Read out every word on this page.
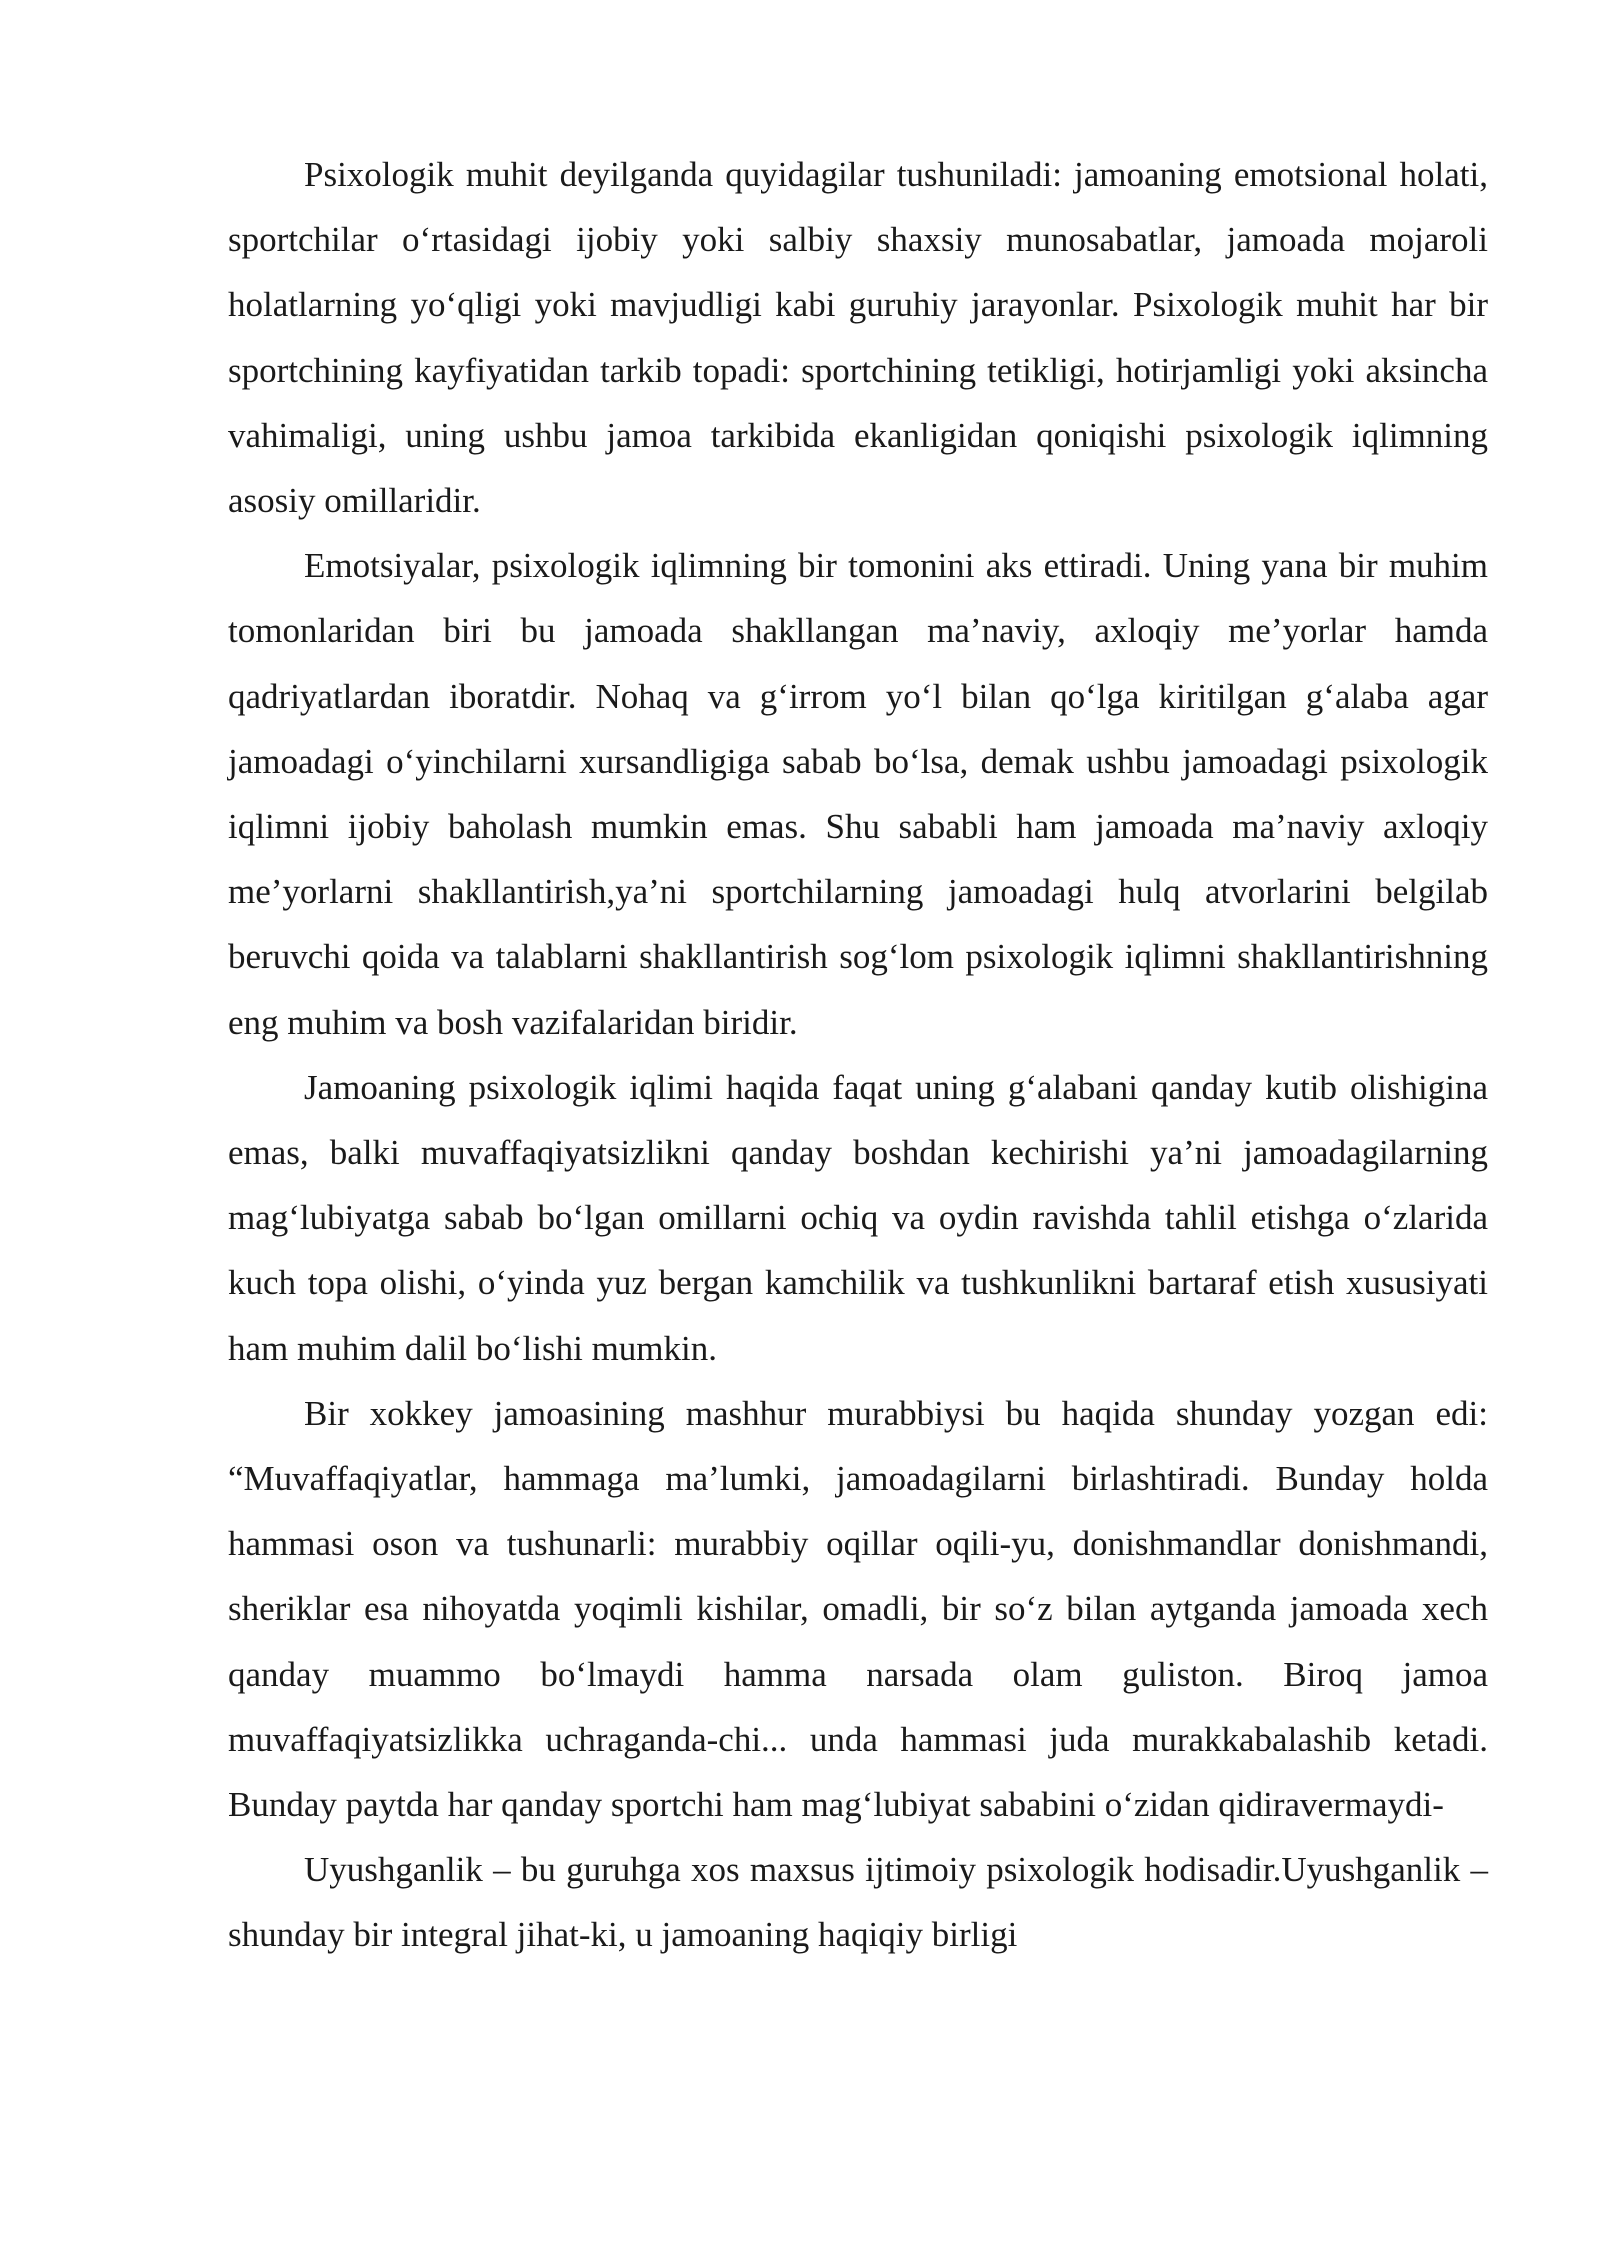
Psixologik muhit deyilganda quyidagilar tushuniladi: jamoaning emotsional holati, sportchilar o‘rtasidagi ijobiy yoki salbiy shaxsiy munosabatlar, jamoada mojaroli holatlarning yo‘qligi yoki mavjudligi kabi guruhiy jarayonlar. Psixologik muhit har bir sportchining kayfiyatidan tarkib topadi: sportchining tetikligi, hotirjamligi yoki aksincha vahimaligi, uning ushbu jamoa tarkibida ekanligidan qoniqishi psixologik iqlimning asosiy omillaridir.

Emotsiyalar, psixologik iqlimning bir tomonini aks ettiradi. Uning yana bir muhim tomonlaridan biri bu jamoada shakllangan ma’naviy, axloqiy me’yorlar hamda qadriyatlardan iboratdir. Nohaq va g‘irrom yo‘l bilan qo‘lga kiritilgan g‘alaba agar jamoadagi o‘yinchilarni xursandligiga sabab bo‘lsa, demak ushbu jamoadagi psixologik iqlimni ijobiy baholash mumkin emas. Shu sababli ham jamoada ma’naviy axloqiy me’yorlarni shakllantirish,ya’ni sportchilarning jamoadagi hulq atvorlarini belgilab beruvchi qoida va talablarni shakllantirish sog‘lom psixologik iqlimni shakllantirishning eng muhim va bosh vazifalaridan biridir.

Jamoaning psixologik iqlimi haqida faqat uning g‘alabani qanday kutib olishigina emas, balki muvaffaqiyatsizlikni qanday boshdan kechirishi ya’ni jamoadagilarning mag‘lubiyatga sabab bo‘lgan omillarni ochiq va oydin ravishda tahlil etishga o‘zlarida kuch topa olishi, o‘yinda yuz bergan kamchilik va tushkunlikni bartaraf etish xususiyati ham muhim dalil bo‘lishi mumkin.

Bir xokkey jamoasining mashhur murabbiysi bu haqida shunday yozgan edi: “Muvaffaqiyatlar, hammaga ma’lumki, jamoadagilarni birlashtiradi. Bunday holda hammasi oson va tushunarli: murabbiy oqillar oqili-yu, donishmandlar donishmandi, sheriklar esa nihoyatda yoqimli kishilar, omadli, bir so‘z bilan aytganda jamoada xech qanday muammo bo‘lmaydi hamma narsada olam guliston. Biroq jamoa muvaffaqiyatsizlikka uchraganda-chi... unda hammasi juda murakkabalashib ketadi. Bunday paytda har qanday sportchi ham mag‘lubiyat sababini o‘zidan qidiravermaydi-

Uyushganlik – bu guruhga xos maxsus ijtimoiy psixologik hodisadir.Uyushganlik – shunday bir integral jihat-ki, u jamoaning haqiqiy birligi
